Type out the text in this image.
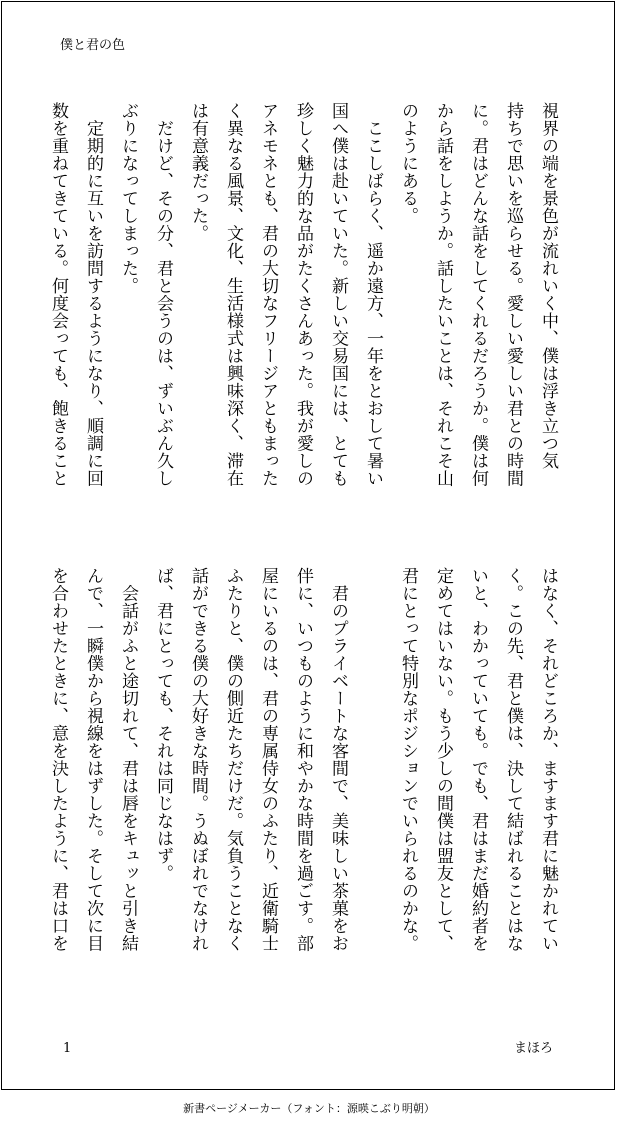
僕と君の色
視界の端を景色が流れいく中、僕は浮き立つ気
持ちで思いを巡らせる。愛しい愛しい君との時間
に。君はどんな話をしてくれるだろうか。僕は何
から話をしようか。話したいことは、それこそ山
のようにある。
　ここしばらく、遥か遠方、一年をとおして暑い
国へ僕は赴いていた。新しい交易国には、とても
珍しく魅力的な品がたくさんあった。我が愛しの
アネモネとも、君の大切なフリージアともまった
く異なる風景、文化、生活様式は興味深く、滞在
は有意義だった。
　だけど、その分、君と会うのは、ずいぶん久し
ぶりになってしまった。
　定期的に互いを訪問するようになり、順調に回
数を重ねてきている。何度会っても、飽きること
はなく、それどころか、ますます君に魅かれてい
く。この先、君と僕は、決して結ばれることはな
いと、わかっていても。でも、君はまだ婚約者を
定めてはいない。もう少しの間僕は盟友として、
君にとって特別なポジションでいられるのかな。
　君のプライベートな客間で、美味しい茶菓をお
伴に、いつものように和やかな時間を過ごす。部
屋にいるのは、君の専属侍女のふたり、近衛騎士
ふたりと、僕の側近たちだけだ。気負うことなく
話ができる僕の大好きな時間。うぬぼれでなけれ
ば、君にとっても、それは同じなはず。
　会話がふと途切れて、君は唇をキュッと引き結
んで、一瞬僕から視線をはずした。そして次に目
を合わせたときに、意を決したように、君は口を
1	まほろ
新書ページメーカー（フォント：源暎こぶり明朝）
